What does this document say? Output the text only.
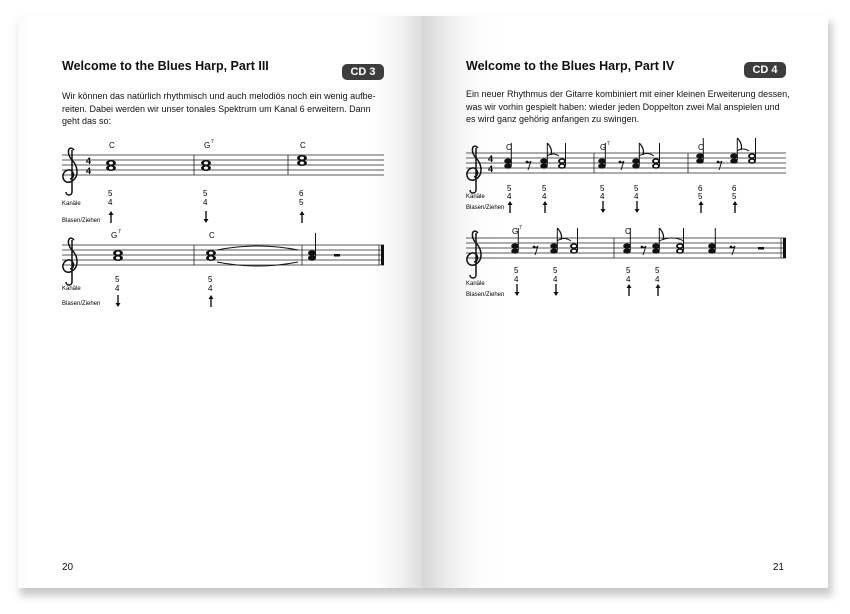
Welcome to the Blues Harp, Part III	CD 3
Wir können das natürlich rhythmisch und auch melodiös noch ein wenig aufbe-
reiten. Dabei werden wir unser tonales Spektrum um Kanal 6 erweitern. Dann
geht das so:
4
4
C	G 7	C
Kanäle
Blasen/Ziehen
5
4
5
4
6
5
G 7	C
Kanäle
Blasen/Ziehen
5
4
5
4
20
Welcome to the Blues Harp, Part IV	CD 4
Ein neuer Rhythmus der Gitarre kombiniert mit einer kleinen Erweiterung dessen,
was wir vorhin gespielt haben: wieder jeden Doppelton zwei Mal anspielen und
es wird ganz gehörig anfangen zu swingen.
4
4
C	G 7	C
Kanäle
Blasen/Ziehen
5
4
5
4
5
4
5
4
6
5
6
5
G 7	C
Kanäle
Blasen/Ziehen
5
4
5
4
5
4
5
4
21
